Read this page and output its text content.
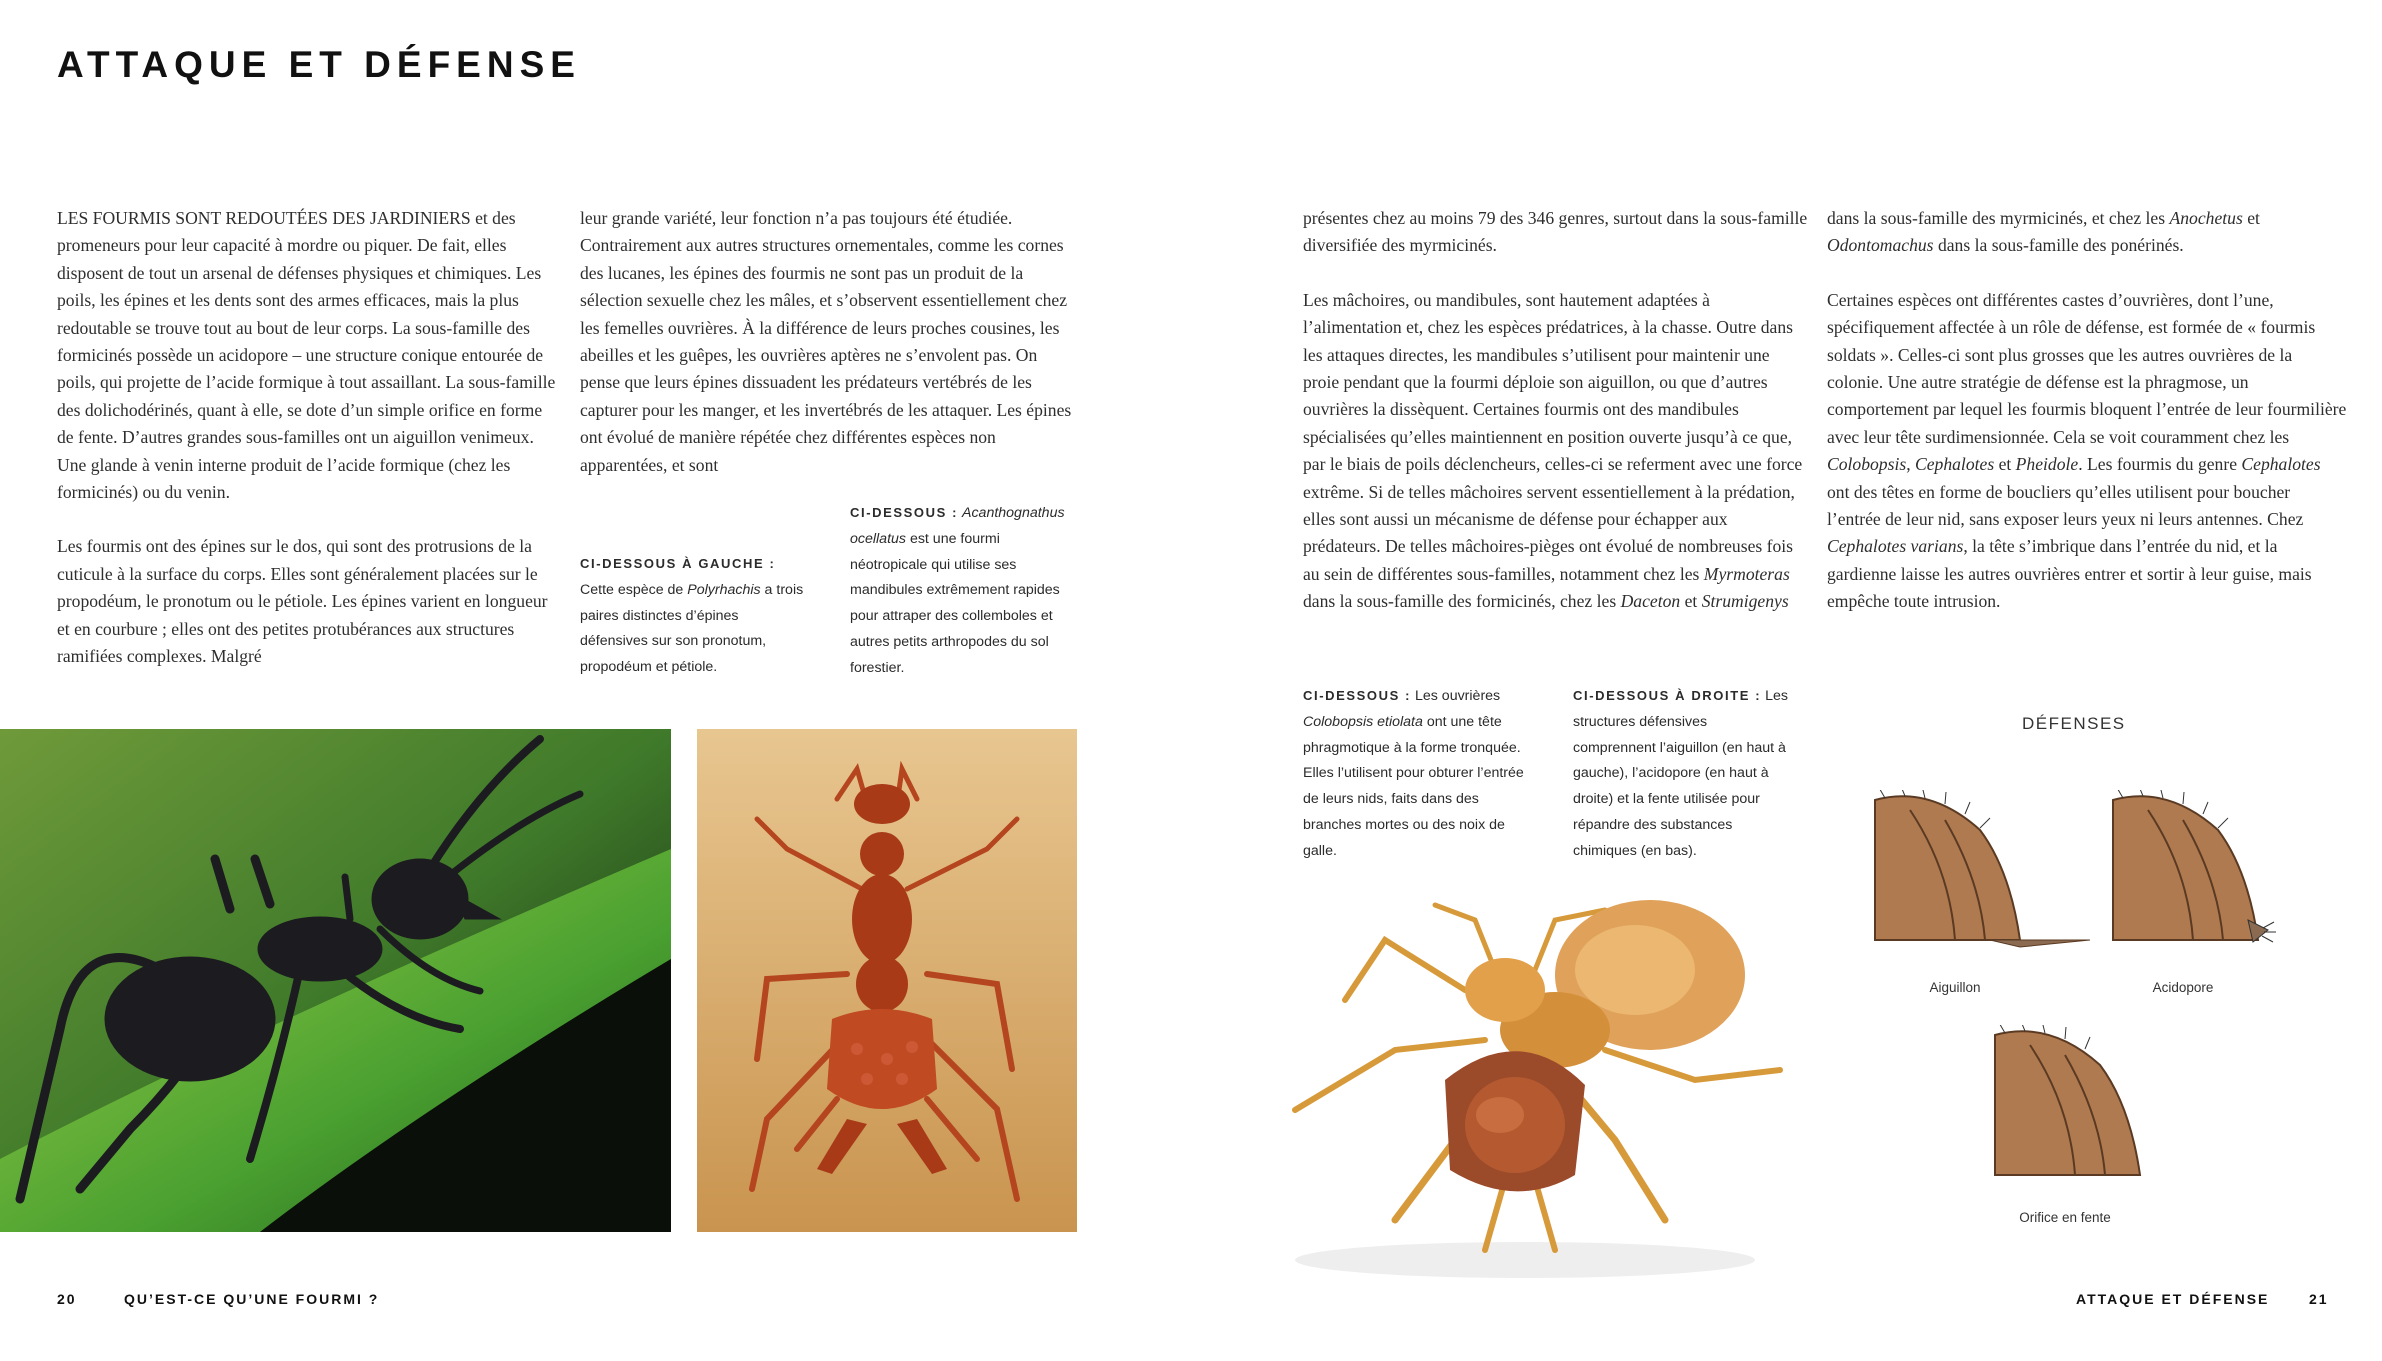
ATTAQUE ET DÉFENSE

LES FOURMIS SONT REDOUTÉES DES JARDINIERS et des promeneurs pour leur capacité à mordre ou piquer. De fait, elles disposent de tout un arsenal de défenses physiques et chimiques. Les poils, les épines et les dents sont des armes efficaces, mais la plus redoutable se trouve tout au bout de leur corps. La sous-famille des formicinés possède un acidopore – une structure conique entourée de poils, qui projette de l’acide formique à tout assaillant. La sous-famille des dolichodérinés, quant à elle, se dote d’un simple orifice en forme de fente. D’autres grandes sous-familles ont un aiguillon venimeux. Une glande à venin interne produit de l’acide formique (chez les formicinés) ou du venin.

Les fourmis ont des épines sur le dos, qui sont des protrusions de la cuticule à la surface du corps. Elles sont généralement placées sur le propodéum, le pronotum ou le pétiole. Les épines varient en longueur et en courbure ; elles ont des petites protubérances aux structures ramifiées complexes. Malgré

leur grande variété, leur fonction n’a pas toujours été étudiée. Contrairement aux autres structures ornementales, comme les cornes des lucanes, les épines des fourmis ne sont pas un produit de la sélection sexuelle chez les mâles, et s’observent essentiellement chez les femelles ouvrières. À la différence de leurs proches cousines, les abeilles et les guêpes, les ouvrières aptères ne s’envolent pas. On pense que leurs épines dissuadent les prédateurs vertébrés de les capturer pour les manger, et les invertébrés de les attaquer. Les épines ont évolué de manière répétée chez différentes espèces non apparentées, et sont

CI-DESSOUS À GAUCHE :
Cette espèce de Polyrhachis a trois paires distinctes d’épines défensives sur son pronotum, propodéum et pétiole.
CI-DESSOUS : Acanthognathus ocellatus est une fourmi néotropicale qui utilise ses mandibules extrêmement rapides pour attraper des collemboles et autres petits arthropodes du sol forestier.

présentes chez au moins 79 des 346 genres, surtout dans la sous-famille diversifiée des myrmicinés.

Les mâchoires, ou mandibules, sont hautement adaptées à l’alimentation et, chez les espèces prédatrices, à la chasse. Outre dans les attaques directes, les mandibules s’utilisent pour maintenir une proie pendant que la fourmi déploie son aiguillon, ou que d’autres ouvrières la dissèquent. Certaines fourmis ont des mandibules spécialisées qu’elles maintiennent en position ouverte jusqu’à ce que, par le biais de poils déclencheurs, celles-ci se referment avec une force extrême. Si de telles mâchoires servent essentiellement à la prédation, elles sont aussi un mécanisme de défense pour échapper aux prédateurs. De telles mâchoires-pièges ont évolué de nombreuses fois au sein de différentes sous-familles, notamment chez les Myrmoteras dans la sous-famille des formicinés, chez les Daceton et Strumigenys

dans la sous-famille des myrmicinés, et chez les Anochetus et Odontomachus dans la sous-famille des ponérinés.

Certaines espèces ont différentes castes d’ouvrières, dont l’une, spécifiquement affectée à un rôle de défense, est formée de « fourmis soldats ». Celles-ci sont plus grosses que les autres ouvrières de la colonie. Une autre stratégie de défense est la phragmose, un comportement par lequel les fourmis bloquent l’entrée de leur fourmilière avec leur tête surdimensionnée. Cela se voit couramment chez les Colobopsis, Cephalotes et Pheidole. Les fourmis du genre Cephalotes ont des têtes en forme de boucliers qu’elles utilisent pour boucher l’entrée de leur nid, sans exposer leurs yeux ni leurs antennes. Chez Cephalotes varians, la tête s’imbrique dans l’entrée du nid, et la gardienne laisse les autres ouvrières entrer et sortir à leur guise, mais empêche toute intrusion.

CI-DESSOUS : Les ouvrières Colobopsis etiolata ont une tête phragmotique à la forme tronquée. Elles l’utilisent pour obturer l’entrée de leurs nids, faits dans des branches mortes ou des noix de galle.
CI-DESSOUS À DROITE : Les structures défensives comprennent l’aiguillon (en haut à gauche), l’acidopore (en haut à droite) et la fente utilisée pour répandre des substances chimiques (en bas).
DÉFENSES
Aiguillon	Acidopore
Orifice en fente
20	QU’EST-CE QU’UNE FOURMI ?	ATTAQUE ET DÉFENSE	21
